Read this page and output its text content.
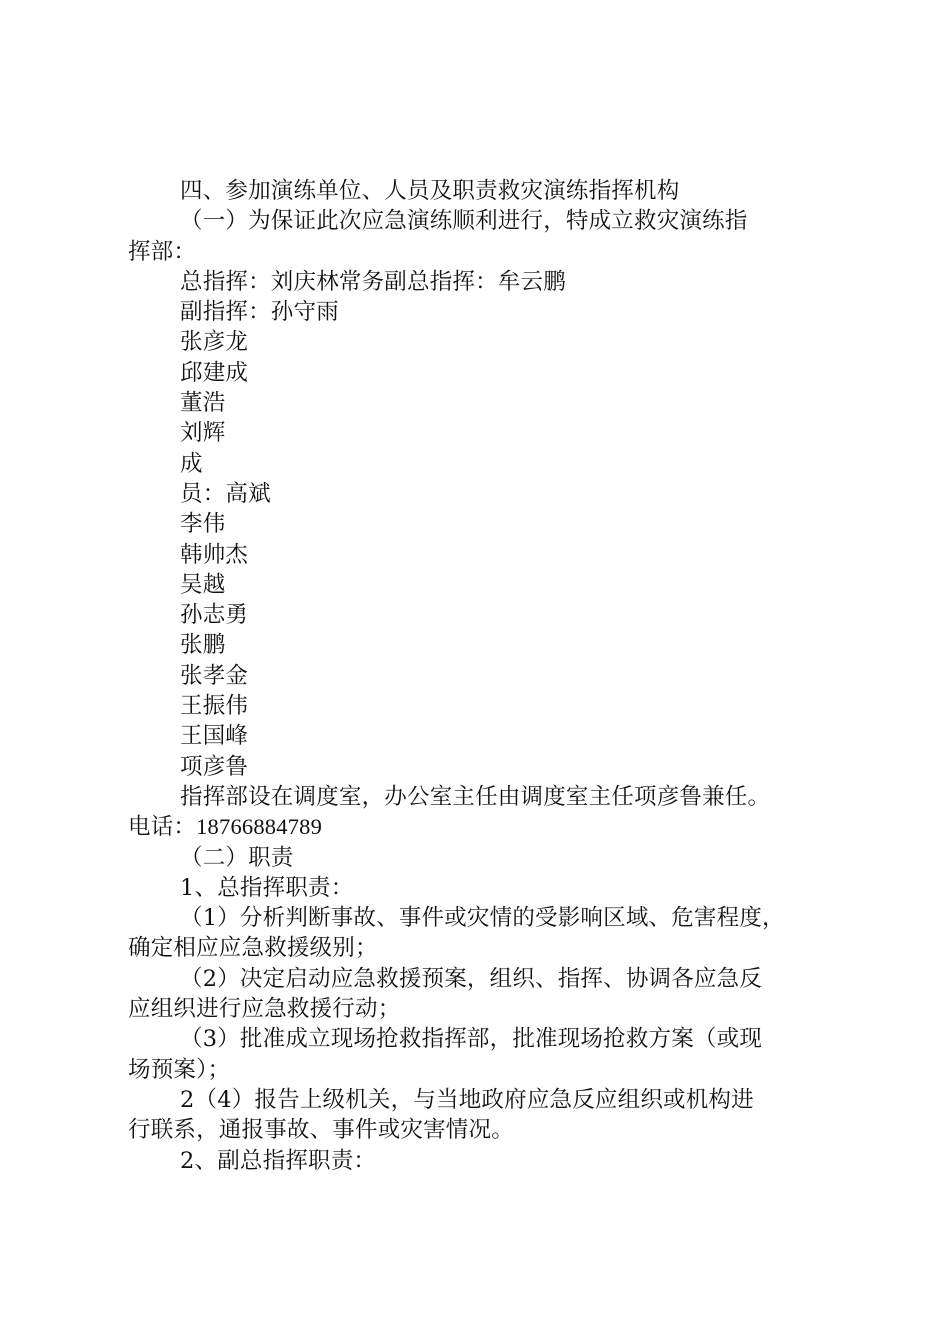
四、参加演练单位、人员及职责救灾演练指挥机构
（一）为保证此次应急演练顺利进行，特成立救灾演练指
挥部：
总指挥：刘庆林常务副总指挥：牟云鹏
副指挥：孙守雨
张彦龙
邱建成
董浩
刘辉
成
员：高斌
李伟
韩帅杰
吴越
孙志勇
张鹏
张孝金
王振伟
王国峰
项彦鲁
指挥部设在调度室，办公室主任由调度室主任项彦鲁兼任。
电话：18766884789
（二）职责
1、总指挥职责：
（1）分析判断事故、事件或灾情的受影响区域、危害程度，
确定相应应急救援级别；
（2）决定启动应急救援预案，组织、指挥、协调各应急反
应组织进行应急救援行动；
（3）批准成立现场抢救指挥部，批准现场抢救方案（或现
场预案）；
2（4）报告上级机关，与当地政府应急反应组织或机构进
行联系，通报事故、事件或灾害情况。
2、副总指挥职责：
